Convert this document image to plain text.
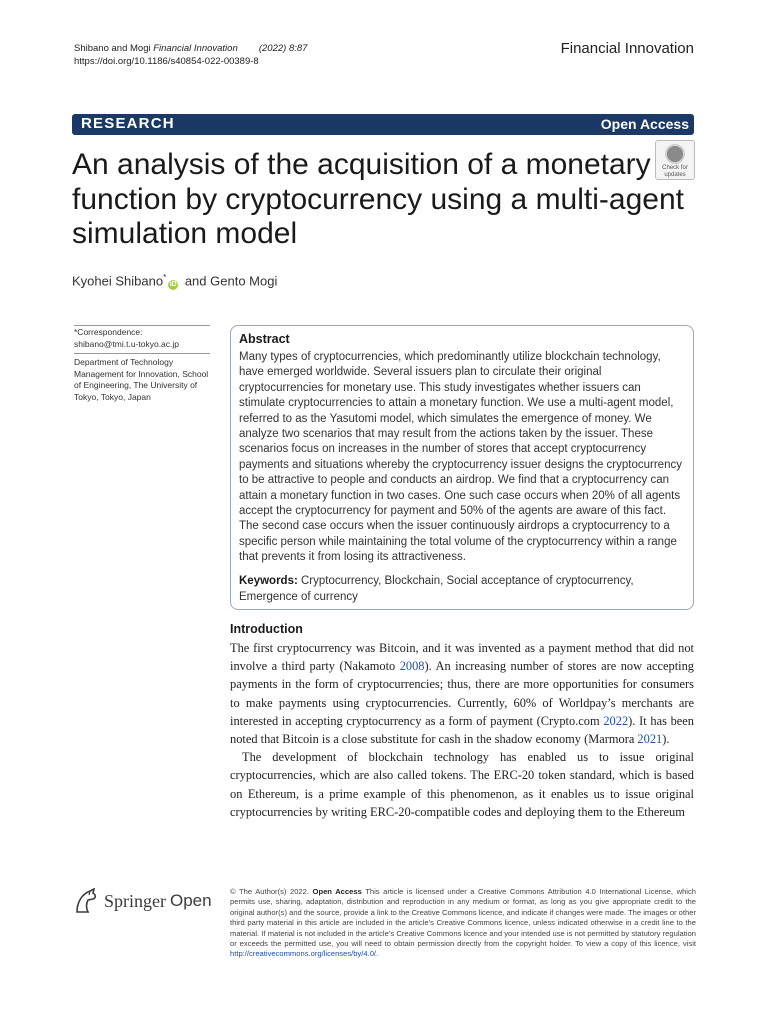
Shibano and Mogi Financial Innovation (2022) 8:87
https://doi.org/10.1186/s40854-022-00389-8
Financial Innovation
RESEARCH	Open Access
An analysis of the acquisition of a monetary function by cryptocurrency using a multi-agent simulation model
Check for
updates
Kyohei Shibano*iD and Gento Mogi
*Correspondence:
shibano@tmi.t.u-tokyo.ac.jp
Department of Technology Management for Innovation, School of Engineering, The University of Tokyo, Tokyo, Japan
Abstract
Many types of cryptocurrencies, which predominantly utilize blockchain technology, have emerged worldwide. Several issuers plan to circulate their original cryptocurrencies for monetary use. This study investigates whether issuers can stimulate cryptocurrencies to attain a monetary function. We use a multi-agent model, referred to as the Yasutomi model, which simulates the emergence of money. We analyze two scenarios that may result from the actions taken by the issuer. These scenarios focus on increases in the number of stores that accept cryptocurrency payments and situations whereby the cryptocurrency issuer designs the cryptocurrency to be attractive to people and conducts an airdrop. We find that a cryptocurrency can attain a monetary function in two cases. One such case occurs when 20% of all agents accept the cryptocurrency for payment and 50% of the agents are aware of this fact. The second case occurs when the issuer continuously airdrops a cryptocurrency to a specific person while maintaining the total volume of the cryptocurrency within a range that prevents it from losing its attractiveness.
Keywords: Cryptocurrency, Blockchain, Social acceptance of cryptocurrency, Emergence of currency
Introduction

The first cryptocurrency was Bitcoin, and it was invented as a payment method that did not involve a third party (Nakamoto 2008). An increasing number of stores are now accepting payments in the form of cryptocurrencies; thus, there are more opportunities for consumers to make payments using cryptocurrencies. Currently, 60% of Worldpay’s merchants are interested in accepting cryptocurrency as a form of payment (Crypto.com 2022). It has been noted that Bitcoin is a close substitute for cash in the shadow economy (Marmora 2021).

The development of blockchain technology has enabled us to issue original cryptocurrencies, which are also called tokens. The ERC-20 token standard, which is based on Ethereum, is a prime example of this phenomenon, as it enables us to issue original cryptocurrencies by writing ERC-20-compatible codes and deploying them to the Ethereum

Springer Open © The Author(s) 2022. Open Access This article is licensed under a Creative Commons Attribution 4.0 International License, which permits use, sharing, adaptation, distribution and reproduction in any medium or format, as long as you give appropriate credit to the original author(s) and the source, provide a link to the Creative Commons licence, and indicate if changes were made. The images or other third party material in this article are included in the article’s Creative Commons licence, unless indicated otherwise in a credit line to the material. If material is not included in the article’s Creative Commons licence and your intended use is not permitted by statutory regulation or exceeds the permitted use, you will need to obtain permission directly from the copyright holder. To view a copy of this licence, visit http://creativecommons.org/licenses/by/4.0/.
